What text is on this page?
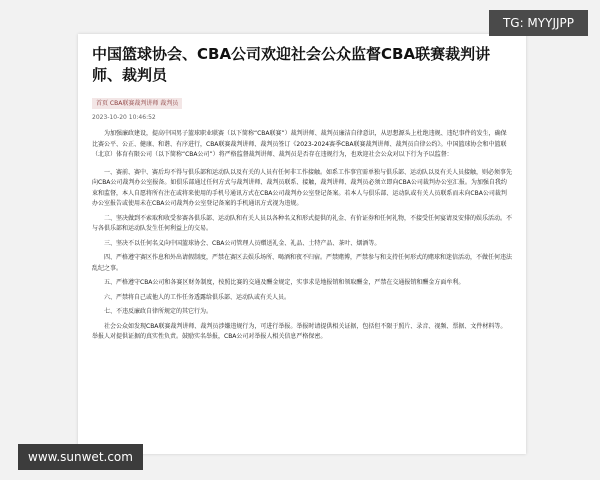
中国篮球协会、CBA公司欢迎社会公众监督CBA联赛裁判讲师、裁判员
首页 CBA联赛裁判讲师 裁判员
2023-10-20 10:46:52

为加强廉政建设，提高中国男子篮球职业联赛（以下简称“CBA联赛”）裁判讲师、裁判员廉洁自律意识，从思想源头上杜绝违规、违纪事件的发生，确保比赛公平、公正、健康、和谐、有序进行，CBA联赛裁判讲师、裁判员签订《2023-2024赛季CBA联赛裁判讲师、裁判员自律公约》。中国篮球协会和中篮联（北京）体育有限公司（以下简称“CBA公司”）将严格监督裁判讲师、裁判员是否存在违规行为，也欢迎社会公众对以下行为予以监督：

一、赛前、赛中、赛后均不得与俱乐部和运动队以及有关的人员有任何非工作接触。如系工作事宜需单独与俱乐部、运动队以及有关人员接触，则必须事先向CBA公司裁判办公室报备。如俱乐部通过任何方式与裁判讲师、裁判员联系、接触，裁判讲师、裁判员必须立即向CBA公司裁判办公室汇报。为加强自我约束和监督，本人自愿将所有注在或将来使用的手机号通讯方式在CBA公司裁判办公室登记备案。若本人与俱乐部、运动队或有关人员联系而未向CBA公司裁判办公室报告或使用未在CBA公司裁判办公室登记备案的手机通讯方式视为违规。

二、坚决做到不索取和收受参赛各俱乐部、运动队和有关人员以各种名义和形式提供的礼金、有价证券和任何礼物，不接受任何宴请及安排的娱乐活动。不与各俱乐部和运动队发生任何利益上的交易。

三、坚决不以任何名义向中国篮球协会、CBA公司管理人员赠送礼金、礼品、土特产品、茶叶、烟酒等。

四、严格遵守赛区作息和外出请假制度，严禁在赛区去娱乐场所、喝酒和夜不归宿。严禁赌博，严禁参与和支持任何形式的赌球和迷信活动，不做任何违法乱纪之事。

五、严格遵守CBA公司和各赛区财务制度，按照比赛的交通及酬金规定，实事求是地报销和领取酬金，严禁在交通报销和酬金方面牟利。

六、严禁将自己或他人的工作任务透露给俱乐部、运动队或有关人员。

七、不违反廉政自律所规定的其它行为。

社会公众如发现CBA联赛裁判讲师、裁判员涉嫌违规行为，可进行举报。举报时请提供相关证据，包括但不限于照片、录音、视频、票据、文件材料等。举报人对提供证据的真实性负责。鼓励实名举报，CBA公司对举报人相关信息严格保密。

TG: MYYJJPP
www.sunwet.com
